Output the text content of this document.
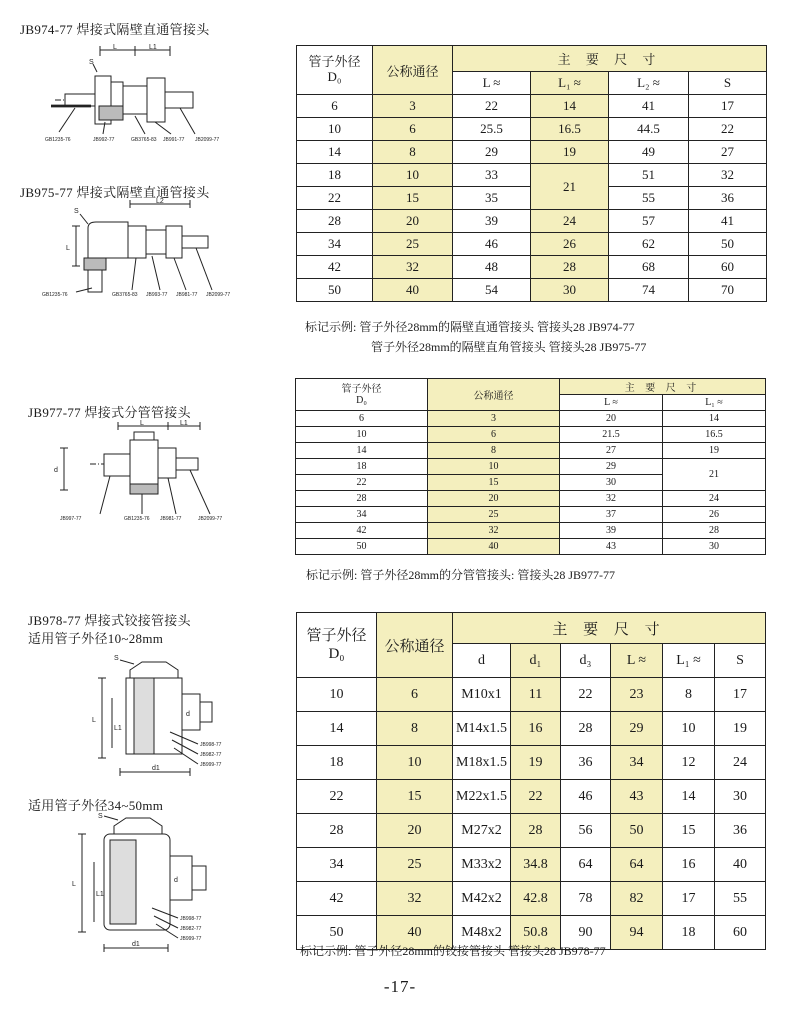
JB974-77 焊接式隔壁直通管接头
JB975-77 焊接式隔壁直通管接头
JB977-77 焊接式分管管接头
JB978-77 焊接式铰接管接头
适用管子外径10~28mm
适用管子外径34~50mm
S
L	L1
GB1235-76	JB992-77	GB3765-83 JB991-77 JB2099-77
S
L2
L
GB1235-76	GB3765-83 JB993-77 JB981-77 JB2099-77
L	L1
d
JB997-77	GB1235-76 JB981-77	JB2099-77
S
L
L1
d1
d
JB998-77
JB982-77
JB999-77
S
L
L1
d1
d
JB998-77
JB982-77
JB999-77
管子外径
D₀	公称通径	主 要 尺 寸			
		L ≈	L₁ ≈	L₂ ≈	S
6	3	22	14	41	17
10	6	25.5	16.5	44.5	22
14	8	29	19	49	27
18	10	33	21	51	32
22	15	35		55	36
28	20	39	24	57	41
34	25	46	26	62	50
42	32	48	28	68	60
50	40	54	30	74	70
标记示例: 管子外径28mm的隔壁直通管接头 管接头28 JB974-77
管子外径28mm的隔壁直角管接头 管接头28 JB975-77
管子外径
D₀	公称通径	主 要 尺 寸	
		L ≈	L₁ ≈
6	3	20	14
10	6	21.5	16.5
14	8	27	19
18	10	29	21
22	15	30	
28	20	32	24
34	25	37	26
42	32	39	28
50	40	43	30
标记示例: 管子外径28mm的分管管接头: 管接头28 JB977-77
管子外径
D₀	公称通径	主 要 尺 寸					
		d	d₁	d₃	L ≈	L₁ ≈	S
10	6	M10x1	11	22	23	8	17
14	8	M14x1.5	16	28	29	10	19
18	10	M18x1.5	19	36	34	12	24
22	15	M22x1.5	22	46	43	14	30
28	20	M27x2	28	56	50	15	36
34	25	M33x2	34.8	64	64	16	40
42	32	M42x2	42.8	78	82	17	55
50	40	M48x2	50.8	90	94	18	60
标记示例: 管子外径28mm的铰接管接头 管接头28 JB978-77
-17-
